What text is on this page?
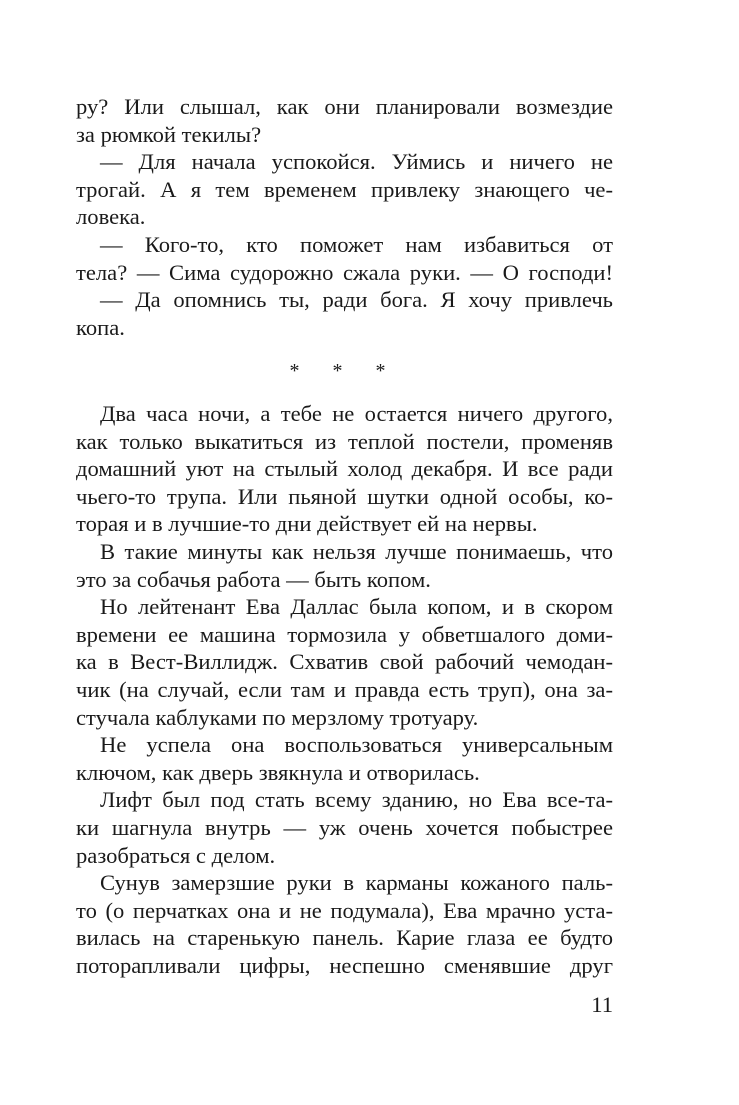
ру? Или слышал, как они планировали возмездие
за рюмкой текилы?
— Для начала успокойся. Уймись и ничего не
трогай. А я тем временем привлеку знающего че-
ловека.
— Кого-то, кто поможет нам избавиться от
тела? — Сима судорожно сжала руки. — О господи!
— Да опомнись ты, ради бога. Я хочу привлечь
копа.
* * *
Два часа ночи, а тебе не остается ничего другого,
как только выкатиться из теплой постели, променяв
домашний уют на стылый холод декабря. И все ради
чьего-то трупа. Или пьяной шутки одной особы, ко-
торая и в лучшие-то дни действует ей на нервы.
В такие минуты как нельзя лучше понимаешь, что
это за собачья работа — быть копом.
Но лейтенант Ева Даллас была копом, и в скором
времени ее машина тормозила у обветшалого доми-
ка в Вест-Виллидж. Схватив свой рабочий чемодан-
чик (на случай, если там и правда есть труп), она за-
стучала каблуками по мерзлому тротуару.
Не успела она воспользоваться универсальным
ключом, как дверь звякнула и отворилась.
Лифт был под стать всему зданию, но Ева все-та-
ки шагнула внутрь — уж очень хочется побыстрее
разобраться с делом.
Сунув замерзшие руки в карманы кожаного паль-
то (о перчатках она и не подумала), Ева мрачно уста-
вилась на старенькую панель. Карие глаза ее будто
поторапливали цифры, неспешно сменявшие друг
11
